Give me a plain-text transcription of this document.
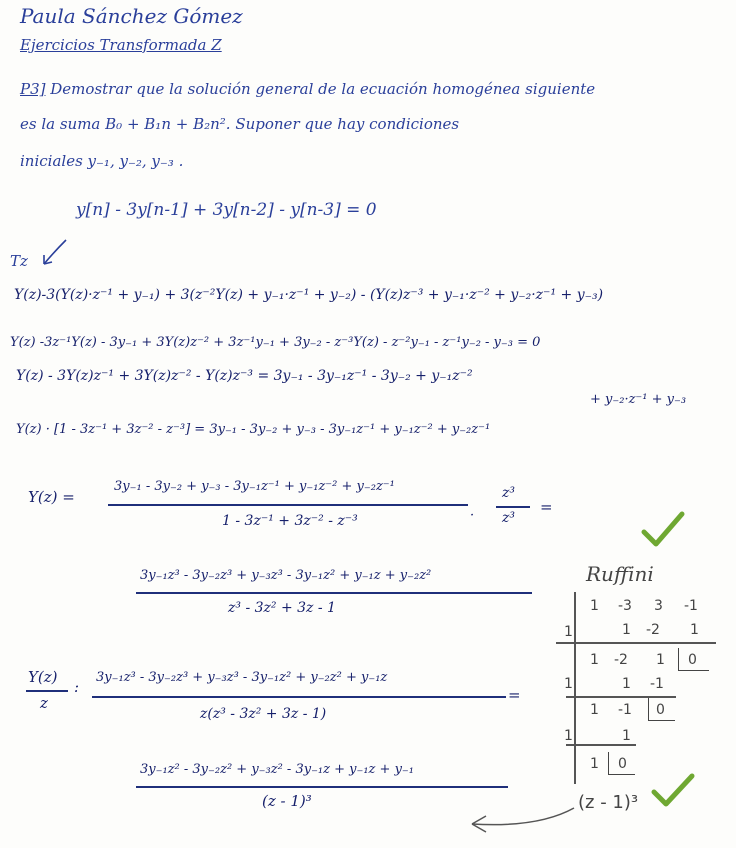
Paula Sánchez Gómez
Ejercicios Transformada Z
P3] Demostrar que la solución general de la ecuación homogénea siguiente
es la suma B₀ + B₁n + B₂n². Suponer que hay condiciones
iniciales y₋₁, y₋₂, y₋₃ .
y[n] - 3y[n-1] + 3y[n-2] - y[n-3] = 0
Tz
Y(z)-3(Y(z)·z⁻¹ + y₋₁) + 3(z⁻²Y(z) + y₋₁·z⁻¹ + y₋₂) - (Y(z)z⁻³ + y₋₁·z⁻² + y₋₂·z⁻¹ + y₋₃)
Y(z) -3z⁻¹Y(z) - 3y₋₁ + 3Y(z)z⁻² + 3z⁻¹y₋₁ + 3y₋₂ - z⁻³Y(z) - z⁻²y₋₁ - z⁻¹y₋₂ - y₋₃ = 0
Y(z) - 3Y(z)z⁻¹ + 3Y(z)z⁻² - Y(z)z⁻³ = 3y₋₁ - 3y₋₁z⁻¹ - 3y₋₂ + y₋₁z⁻²
+ y₋₂·z⁻¹ + y₋₃
Y(z) · [1 - 3z⁻¹ + 3z⁻² - z⁻³] = 3y₋₁ - 3y₋₂ + y₋₃ - 3y₋₁z⁻¹ + y₋₁z⁻² + y₋₂z⁻¹
Y(z) =
3y₋₁ - 3y₋₂ + y₋₃ - 3y₋₁z⁻¹ + y₋₁z⁻² + y₋₂z⁻¹
1 - 3z⁻¹ + 3z⁻² - z⁻³	·
z³
z³
=
3y₋₁z³ - 3y₋₂z³ + y₋₃z³ - 3y₋₁z² + y₋₁z + y₋₂z²
z³ - 3z² + 3z - 1
Y(z)
z
:
3y₋₁z³ - 3y₋₂z³ + y₋₃z³ - 3y₋₁z² + y₋₂z² + y₋₁z
z(z³ - 3z² + 3z - 1)
=
3y₋₁z² - 3y₋₂z² + y₋₃z² - 3y₋₁z + y₋₁z + y₋₁
(z - 1)³
Ruffini
1 -3 3 -1
1	1 -2 1
1 -2 1 0
1	1 -1
1 -1 0
1	1
1 0
(z - 1)³
